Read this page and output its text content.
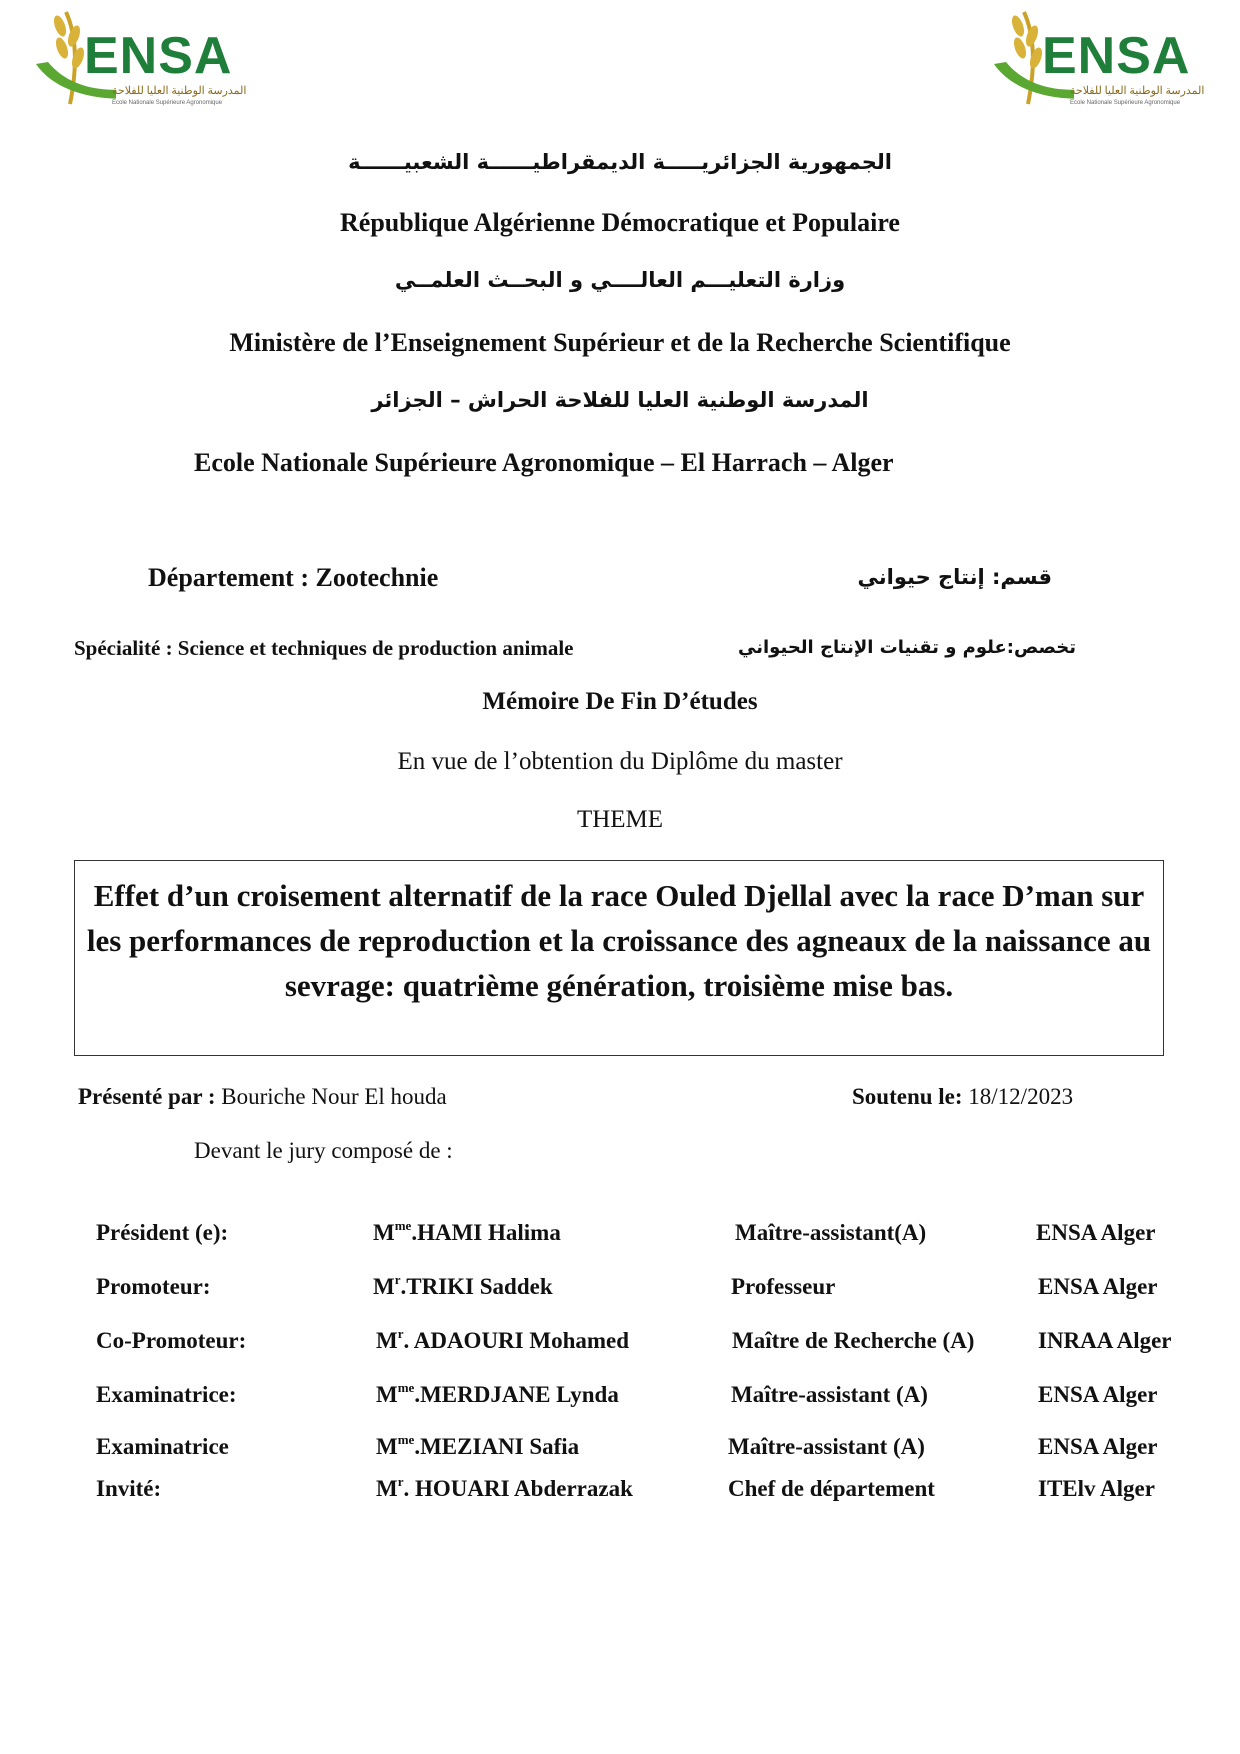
ENSA
المدرسة الوطنية العليا للفلاحة
Ecole Nationale Supérieure Agronomique
ENSA
المدرسة الوطنية العليا للفلاحة
Ecole Nationale Supérieure Agronomique
الجمهورية الجزائريـــــة الديمقراطيــــــة الشعبيــــــة
République Algérienne Démocratique et Populaire
وزارة التعليـــم العالــــي و البحــث العلمــي
Ministère de l’Enseignement Supérieur et de la Recherche Scientifique
المدرسة الوطنية العليا للفلاحة الحراش – الجزائر
Ecole Nationale Supérieure Agronomique – El Harrach – Alger
Département : Zootechnie	قسم: إنتاج حيواني
Spécialité : Science et techniques de production animale	تخصص:علوم و تقنيات الإنتاج الحيواني
Mémoire De Fin D’études
En vue de l’obtention du Diplôme du master
THEME
Effet d’un croisement alternatif de la race Ouled Djellal avec la race D’man sur les performances de reproduction et la croissance des agneaux de la naissance au sevrage: quatrième génération, troisième mise bas.
Présenté par : Bouriche Nour El houda	Soutenu le: 18/12/2023
Devant le jury composé de :
Président (e):	$M^{me}.HAMI$ Halima	Maître-assistant(A)	ENSA Alger
Promoteur:	$M^r.TRIKI$ Saddek	Professeur	ENSA Alger
Co-Promoteur:	$M^r$. ADAOURI Mohamed	Maître de Recherche (A)	INRAA Alger
Examinatrice:	$M^{me}.MERDJANE$ Lynda	Maître-assistant (A)	ENSA Alger
Examinatrice	$M^{me}.MEZIANI$ Safia	Maître-assistant (A)	ENSA Alger
Invité:	$M^r$. HOUARI Abderrazak	Chef de département	ITElv Alger
